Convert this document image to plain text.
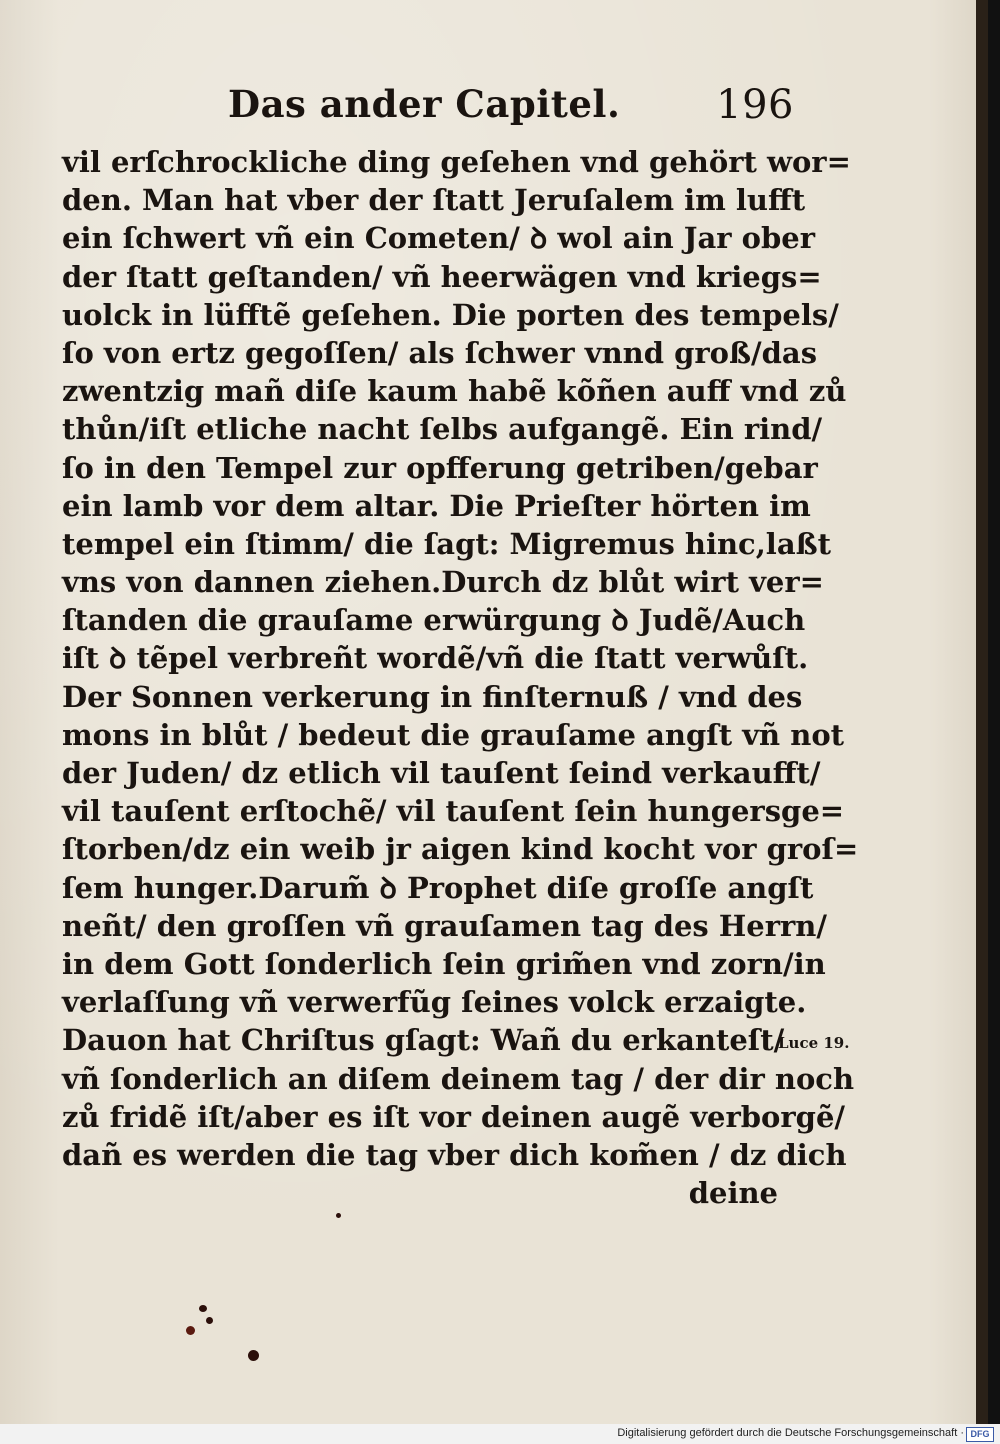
Das ander Capitel. 196
vil erſchrockliche ding geſehen vnd gehört wor=
den. Man hat vber der ſtatt Jeruſalem im lufft
ein ſchwert vñ ein Cometen/ ꝺ wol ain Jar ober
der ſtatt geſtanden/ vñ heerwägen vnd kriegs=
uolck in lüfftẽ geſehen. Die porten des tempels/
ſo von ertz gegoſſen/ als ſchwer vnnd groß/das
zwentzig mañ diſe kaum habẽ kõñen auff vnd zů
thůn/iſt etliche nacht ſelbs aufgangẽ. Ein rind/
ſo in den Tempel zur opfferung getriben/gebar
ein lamb vor dem altar. Die Prieſter hörten im
tempel ein ſtimm/ die ſagt: Migremus hinc,laßt
vns von dannen ziehen.Durch dz blůt wirt ver=
ſtanden die grauſame erwürgung ꝺ Judẽ/Auch
iſt ꝺ tẽpel verbreñt wordẽ/vñ die ſtatt verwůſt.
Der Sonnen verkerung in finſternuß / vnd des
mons in blůt / bedeut die grauſame angſt vñ not
der Juden/ dz etlich vil tauſent ſeind verkaufft/
vil tauſent erſtochẽ/ vil tauſent ſein hungersge=
ſtorben/dz ein weib jr aigen kind kocht vor groſ=
ſem hunger.Darum̃ ꝺ Prophet diſe groſſe angſt
neñt/ den groſſen vñ grauſamen tag des Herrn/
in dem Gott ſonderlich ſein grim̃en vnd zorn/in
verlaſſung vñ verwerfũg ſeines volck erzaigte.
Dauon hat Chriſtus gſagt: Wañ du erkanteſt/
vñ ſonderlich an diſem deinem tag / der dir noch
zů fridẽ iſt/aber es iſt vor deinen augẽ verborgẽ/
dañ es werden die tag vber dich kom̃en / dz dich
deine
Luce 19.
Digitalisierung gefördert durch die Deutsche Forschungsgemeinschaft · DFG
